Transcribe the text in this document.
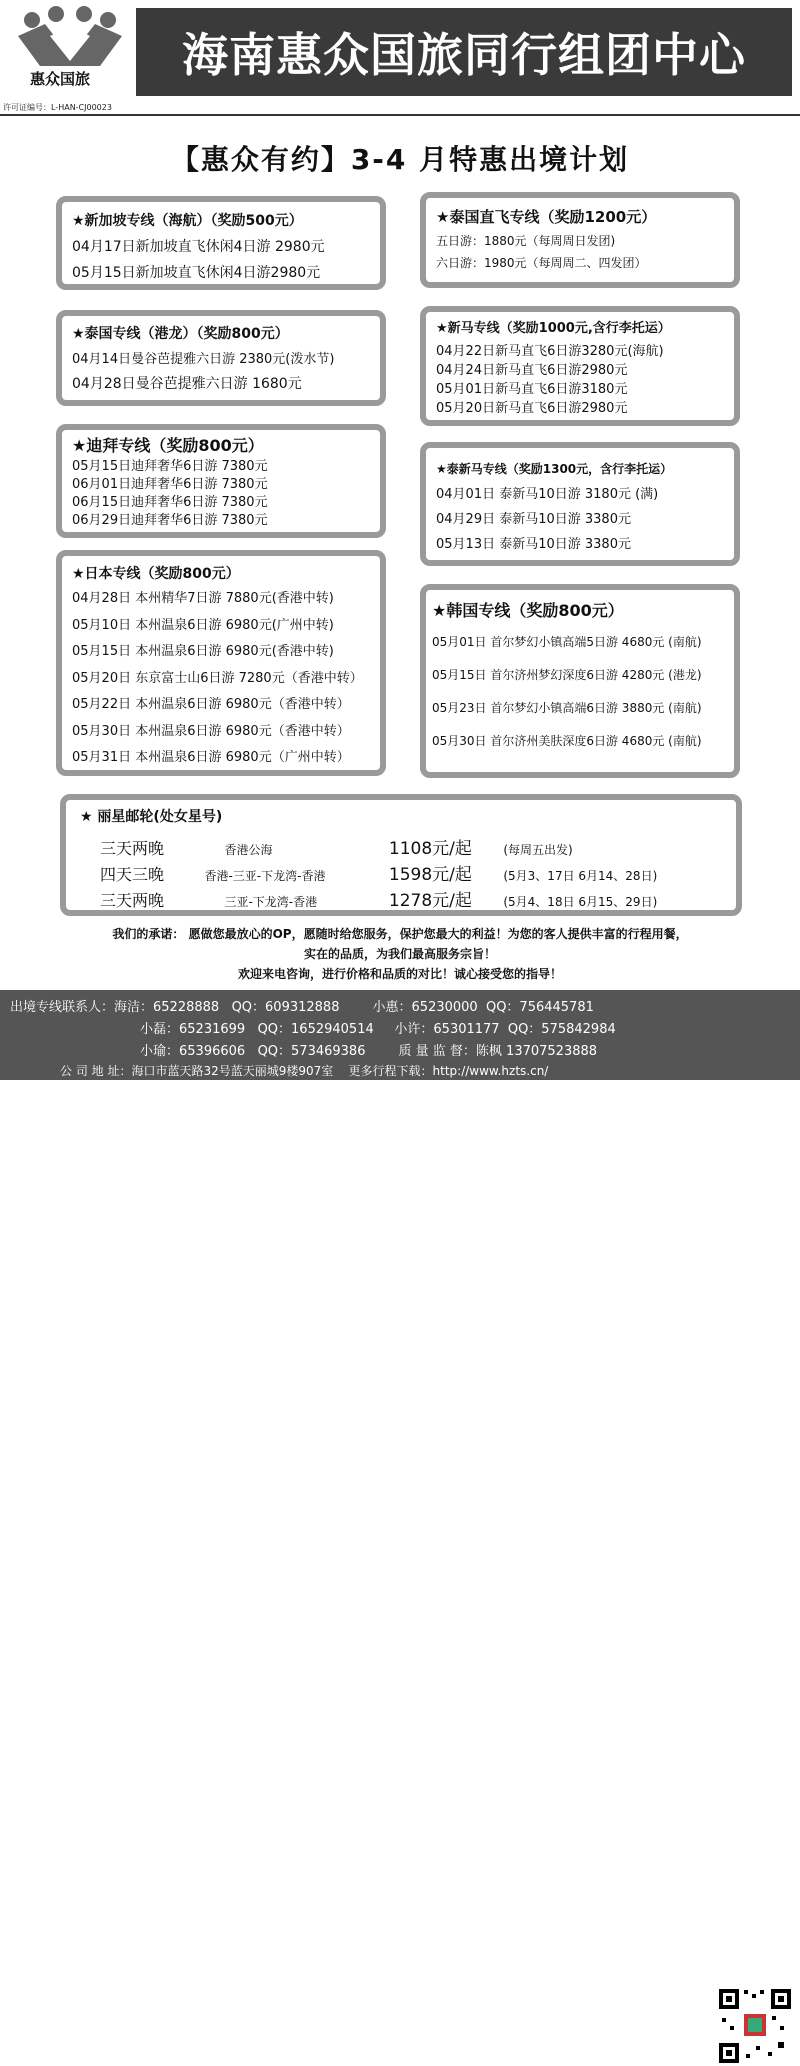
惠众国旅	海南惠众国旅同行组团中心
许可证编号：L-HAN-CJ00023
【惠众有约】3-4 月特惠出境计划
★新加坡专线（海航）（奖励500元）
04月17日新加坡直飞休闲4日游 2980元
05月15日新加坡直飞休闲4日游2980元
★泰国专线（港龙）（奖励800元）
04月14日曼谷芭提雅六日游 2380元(泼水节)
04月28日曼谷芭提雅六日游 1680元
★迪拜专线（奖励800元）
05月15日迪拜奢华6日游 7380元
06月01日迪拜奢华6日游 7380元
06月15日迪拜奢华6日游 7380元
06月29日迪拜奢华6日游 7380元
★日本专线（奖励800元）
04月28日 本州精华7日游 7880元(香港中转)
05月10日 本州温泉6日游 6980元(广州中转)
05月15日 本州温泉6日游 6980元(香港中转)
05月20日 东京富士山6日游 7280元（香港中转）
05月22日 本州温泉6日游 6980元（香港中转）
05月30日 本州温泉6日游 6980元（香港中转）
05月31日 本州温泉6日游 6980元（广州中转）
★泰国直飞专线（奖励1200元）
五日游：1880元（每周周日发团)
六日游：1980元（每周周二、四发团）
★新马专线（奖励1000元,含行李托运）
04月22日新马直飞6日游3280元(海航)
04月24日新马直飞6日游2980元
05月01日新马直飞6日游3180元
05月20日新马直飞6日游2980元
★泰新马专线（奖励1300元，含行李托运）
04月01日 泰新马10日游 3180元 (满)
04月29日 泰新马10日游 3380元
05月13日 泰新马10日游 3380元
★韩国专线（奖励800元）
05月01日 首尔梦幻小镇高端5日游 4680元 (南航)
05月15日 首尔济州梦幻深度6日游 4280元 (港龙)
05月23日 首尔梦幻小镇高端6日游 3880元 (南航)
05月30日 首尔济州美肤深度6日游 4680元 (南航)
★ 丽星邮轮(处女星号)
三天两晚	香港公海	1108元/起	(每周五出发)
四天三晚	香港-三亚-下龙湾-香港	1598元/起	(5月3、17日 6月14、28日)
三天两晚	三亚-下龙湾-香港	1278元/起	(5月4、18日 6月15、29日)
我们的承诺： 愿做您最放心的OP，愿随时给您服务，保护您最大的利益！为您的客人提供丰富的行程用餐，
实在的品质，为我们最高服务宗旨！
欢迎来电咨询，进行价格和品质的对比！诚心接受您的指导！
出境专线联系人：海洁：65228888   QQ：609312888        小惠：65230000  QQ：756445781
小磊：65231699   QQ：1652940514     小许：65301177  QQ：575842984
小瑜：65396606   QQ：573469386        质 量 监 督：陈枫 13707523888
公 司 地 址：海口市蓝天路32号蓝天丽城9楼907室    更多行程下载：http://www.hzts.cn/
